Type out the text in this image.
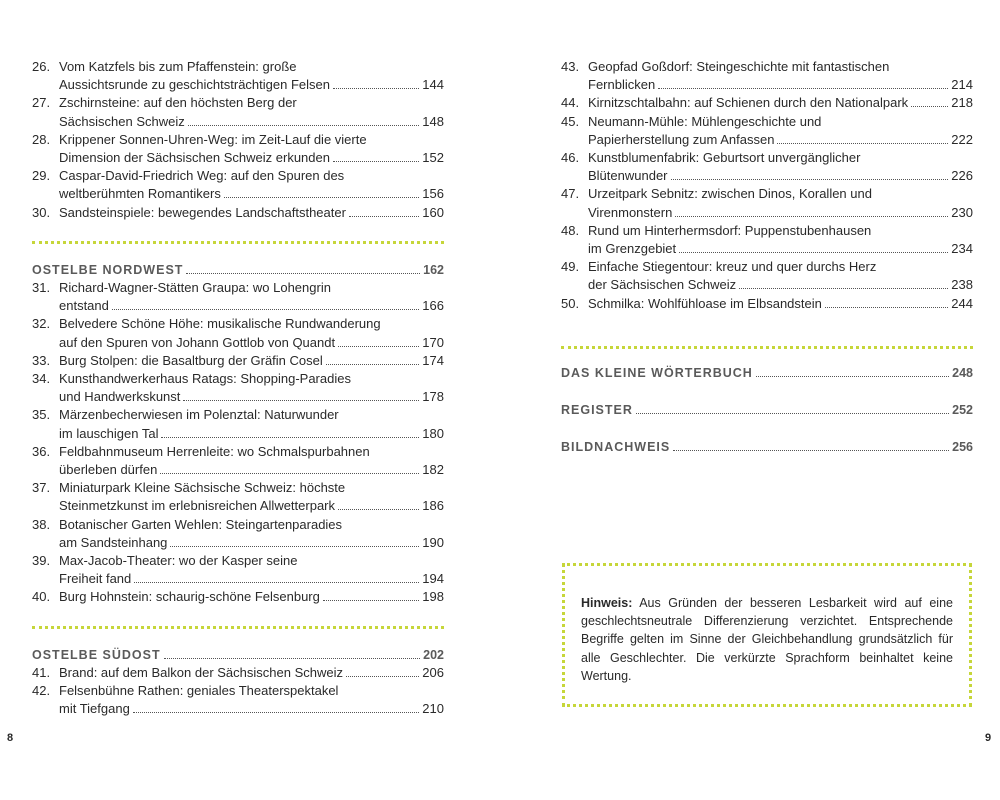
26. Vom Katzfels bis zum Pfaffenstein: große
Aussichtsrunde zu geschichtsträchtigen Felsen	144
27. Zschirnsteine: auf den höchsten Berg der
Sächsischen Schweiz	148
28. Krippener Sonnen-Uhren-Weg: im Zeit-Lauf die vierte
Dimension der Sächsischen Schweiz erkunden	152
29. Caspar-David-Friedrich Weg: auf den Spuren des
weltberühmten Romantikers	156
30. Sandsteinspiele: bewegendes Landschaftstheater	160
OSTELBE NORDWEST	162
31. Richard-Wagner-Stätten Graupa: wo Lohengrin
entstand	166
32. Belvedere Schöne Höhe: musikalische Rundwanderung
auf den Spuren von Johann Gottlob von Quandt	170
33. Burg Stolpen: die Basaltburg der Gräfin Cosel	174
34. Kunsthandwerkerhaus Ratags: Shopping-Paradies
und Handwerkskunst	178
35. Märzenbecherwiesen im Polenztal: Naturwunder
im lauschigen Tal	180
36. Feldbahnmuseum Herrenleite: wo Schmalspurbahnen
überleben dürfen	182
37. Miniaturpark Kleine Sächsische Schweiz: höchste
Steinmetzkunst im erlebnisreichen Allwetterpark	186
38. Botanischer Garten Wehlen: Steingartenparadies
am Sandsteinhang	190
39. Max-Jacob-Theater: wo der Kasper seine
Freiheit fand	194
40. Burg Hohnstein: schaurig-schöne Felsenburg	198
OSTELBE SÜDOST	202
41. Brand: auf dem Balkon der Sächsischen Schweiz	206
42. Felsenbühne Rathen: geniales Theaterspektakel
mit Tiefgang	210
43. Geopfad Goßdorf: Steingeschichte mit fantastischen
Fernblicken	214
44. Kirnitzschtalbahn: auf Schienen durch den Nationalpark	218
45. Neumann-Mühle: Mühlengeschichte und
Papierherstellung zum Anfassen	222
46. Kunstblumenfabrik: Geburtsort unvergänglicher
Blütenwunder	226
47. Urzeitpark Sebnitz: zwischen Dinos, Korallen und
Virenmonstern	230
48. Rund um Hinterhermsdorf: Puppenstubenhausen
im Grenzgebiet	234
49. Einfache Stiegentour: kreuz und quer durchs Herz
der Sächsischen Schweiz	238
50. Schmilka: Wohlfühloase im Elbsandstein	244
DAS KLEINE WÖRTERBUCH	248
REGISTER	252
BILDNACHWEIS	256
Hinweis: Aus Gründen der besseren Lesbarkeit wird auf eine geschlechtsneutrale Differenzierung verzichtet. Entsprechende Begriffe gelten im Sinne der Gleichbehandlung grundsätzlich für alle Geschlechter. Die verkürzte Sprachform beinhaltet keine Wertung.
8	9
